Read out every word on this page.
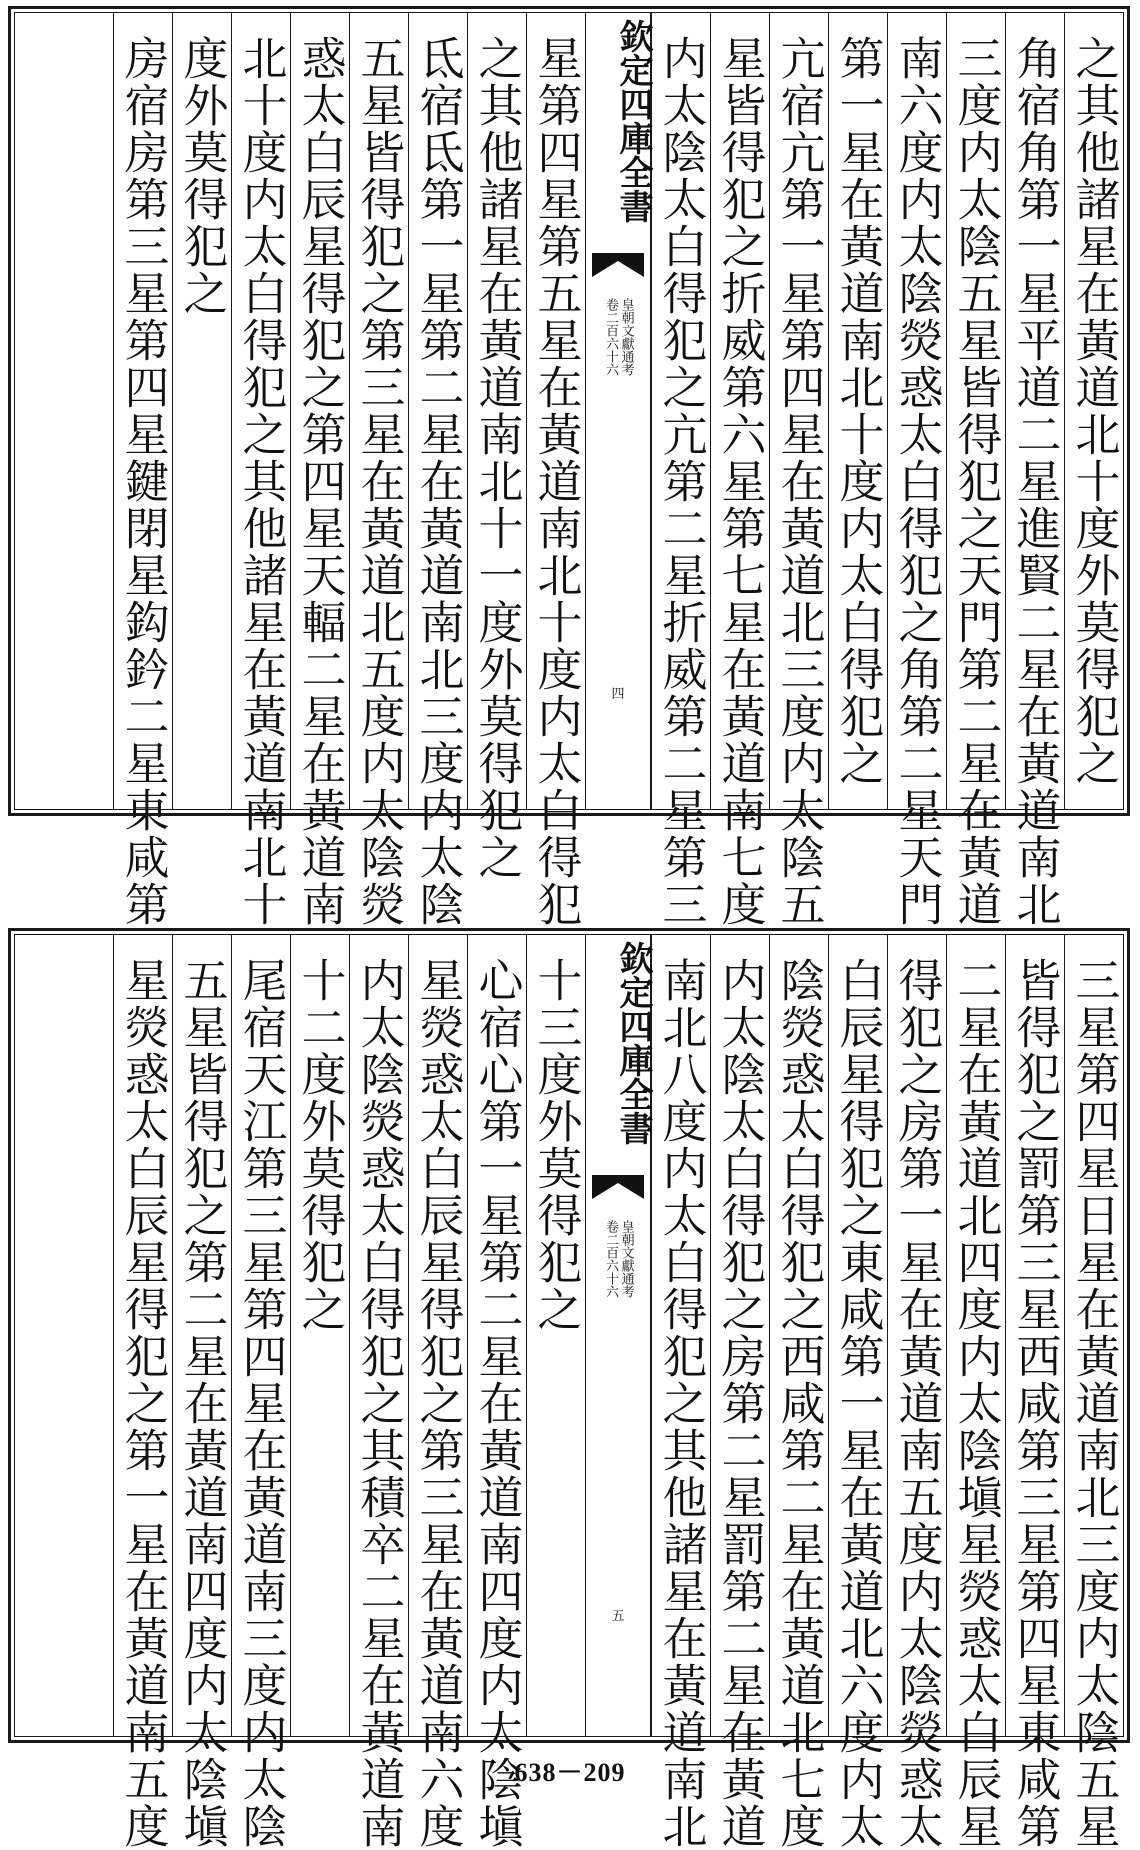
之其他諸星在黃道北十度外莫得犯之
角宿角第一星平道二星進賢二星在黃道南北
三度内太陰五星皆得犯之天門第二星在黃道
南六度内太陰熒惑太白得犯之角第二星天門
第一星在黃道南北十度内太白得犯之
亢宿亢第一星第四星在黃道北三度内太陰五
星皆得犯之折威第六星第七星在黃道南七度
内太陰太白得犯之亢第二星折威第二星第三
欽定四庫全書
皇朝文獻通考
卷二百六十六
四
星第四星第五星在黃道南北十度内太白得犯
之其他諸星在黃道南北十一度外莫得犯之
氐宿氐第一星第二星在黃道南北三度内太陰
五星皆得犯之第三星在黃道北五度内太陰熒
惑太白辰星得犯之第四星天輻二星在黃道南
北十度内太白得犯之其他諸星在黃道南北十
度外莫得犯之
房宿房第三星第四星鍵閉星鈎鈐二星東咸第
三星第四星日星在黃道南北三度内太陰五星
皆得犯之罰第三星西咸第三星第四星東咸第
二星在黃道北四度内太陰塡星熒惑太白辰星
得犯之房第一星在黃道南五度内太陰熒惑太
白辰星得犯之東咸第一星在黃道北六度内太
陰熒惑太白得犯之西咸第二星在黃道北七度
内太陰太白得犯之房第二星罰第二星在黃道
南北八度内太白得犯之其他諸星在黃道南北
欽定四庫全書
皇朝文獻通考
卷二百六十六
五
十三度外莫得犯之
心宿心第一星第二星在黃道南四度内太陰塡
星熒惑太白辰星得犯之第三星在黃道南六度
内太陰熒惑太白得犯之其積卒二星在黃道南
十二度外莫得犯之
尾宿天江第三星第四星在黃道南三度内太陰
五星皆得犯之第二星在黃道南四度内太陰塡
星熒惑太白辰星得犯之第一星在黃道南五度	638－209
